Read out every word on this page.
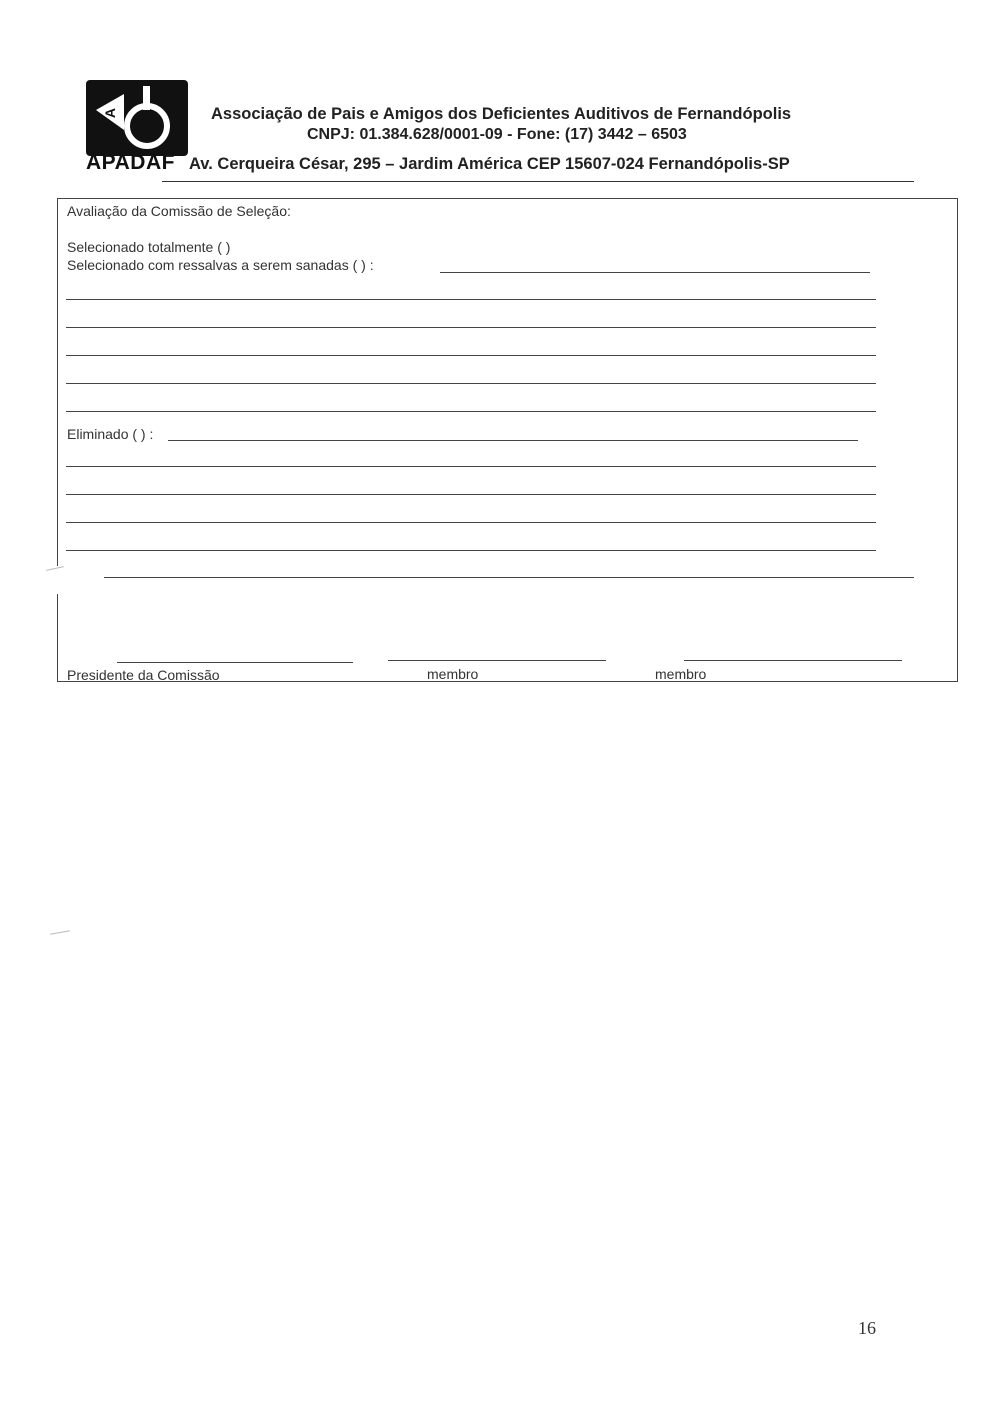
A
APADAF
Associação de Pais e Amigos dos Deficientes Auditivos de Fernandópolis
CNPJ: 01.384.628/0001-09 - Fone: (17) 3442 – 6503
Av. Cerqueira César, 295 – Jardim América CEP 15607-024 Fernandópolis-SP
Avaliação da Comissão de Seleção:
Selecionado totalmente ( )
Selecionado com ressalvas a serem sanadas ( ) :
Eliminado ( ) :
Presidente da Comissão	membro	membro
16
